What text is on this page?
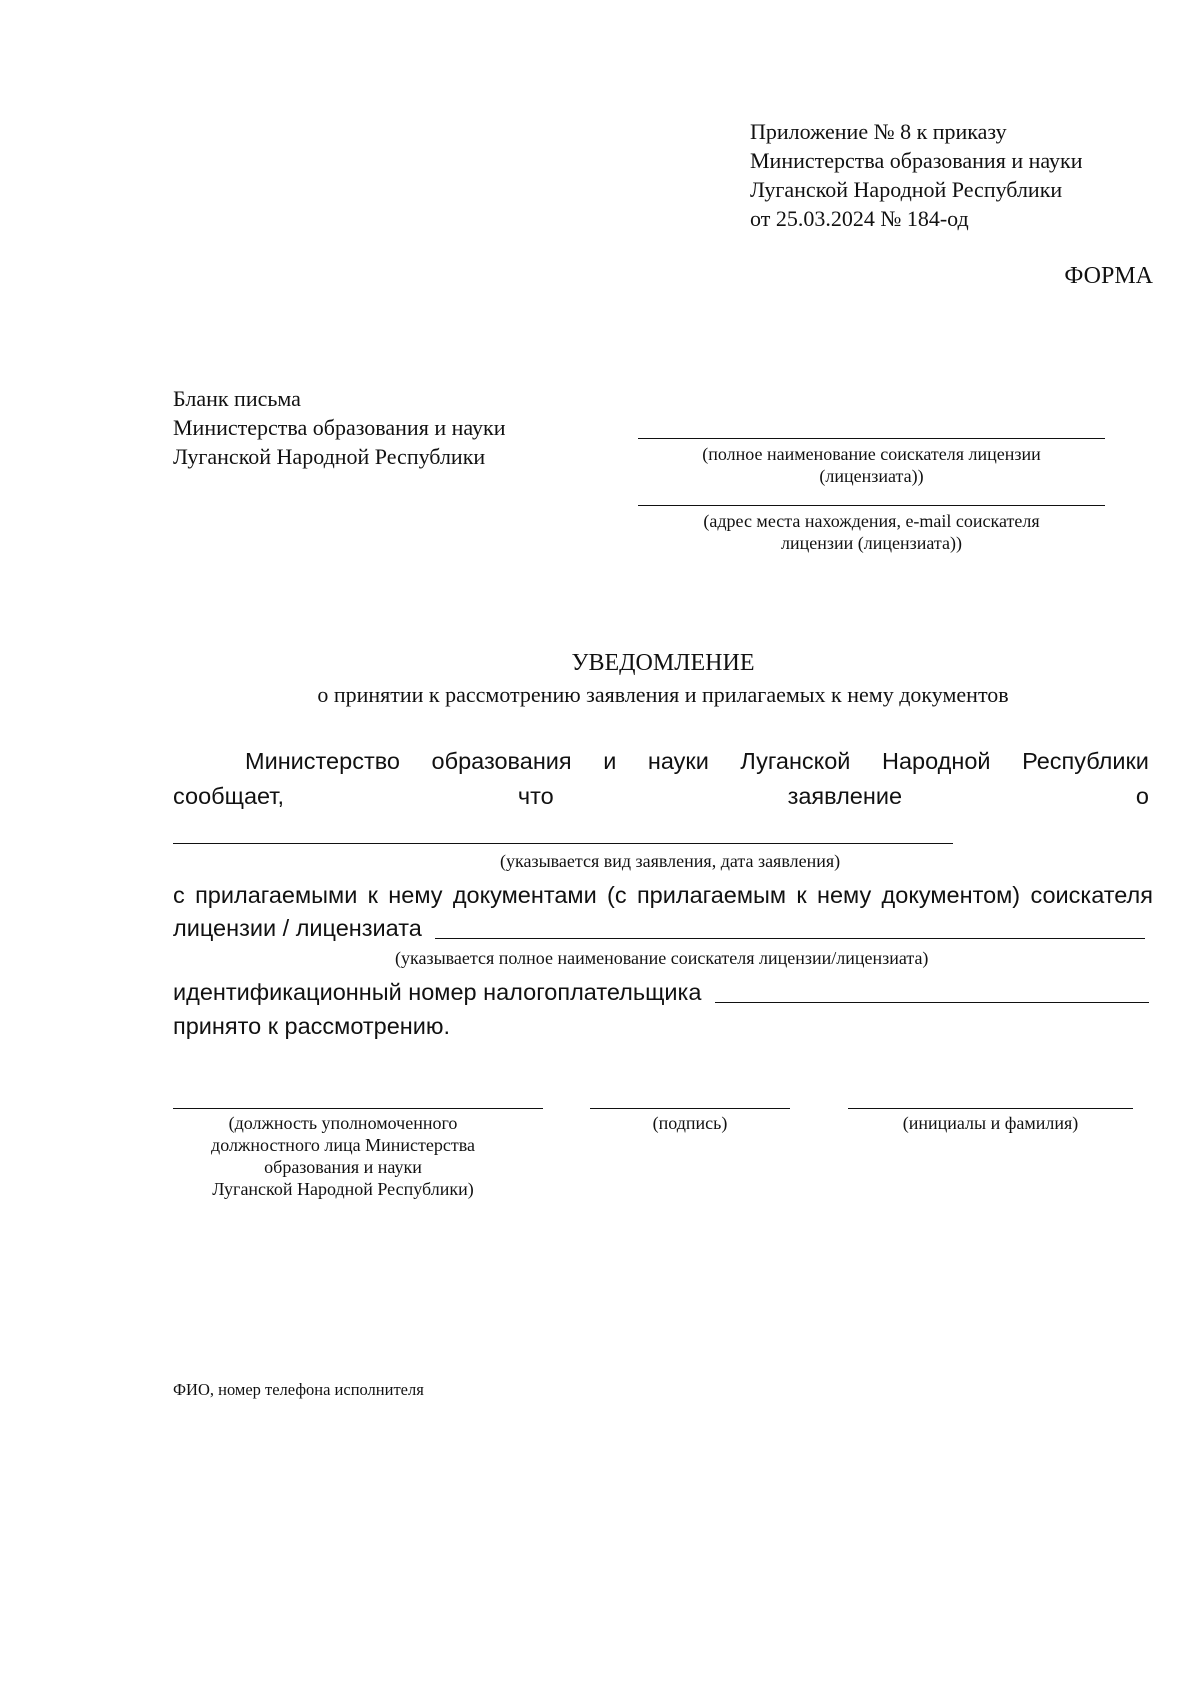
Приложение № 8 к приказу
Министерства образования и науки
Луганской Народной Республики
от 25.03.2024 № 184-од
ФОРМА
Бланк письма
Министерства образования и науки
Луганской Народной Республики	(полное наименование соискателя лицензии
(лицензиата))
(адрес места нахождения, e-mail соискателя
лицензии (лицензиата))
УВЕДОМЛЕНИЕ
о принятии к рассмотрению заявления и прилагаемых к нему документов
Министерство образования и науки Луганской Народной Республики
сообщает,	что	заявление	о
(указывается вид заявления, дата заявления)
с прилагаемыми к нему документами (с прилагаемым к нему документом) соискателя
лицензии / лицензиата
(указывается полное наименование соискателя лицензии/лицензиата)
идентификационный номер налогоплательщика
принято к рассмотрению.
(должность уполномоченного
должностного лица Министерства
образования и науки
Луганской Народной Республики)
(подпись)	(инициалы и фамилия)
ФИО, номер телефона исполнителя
